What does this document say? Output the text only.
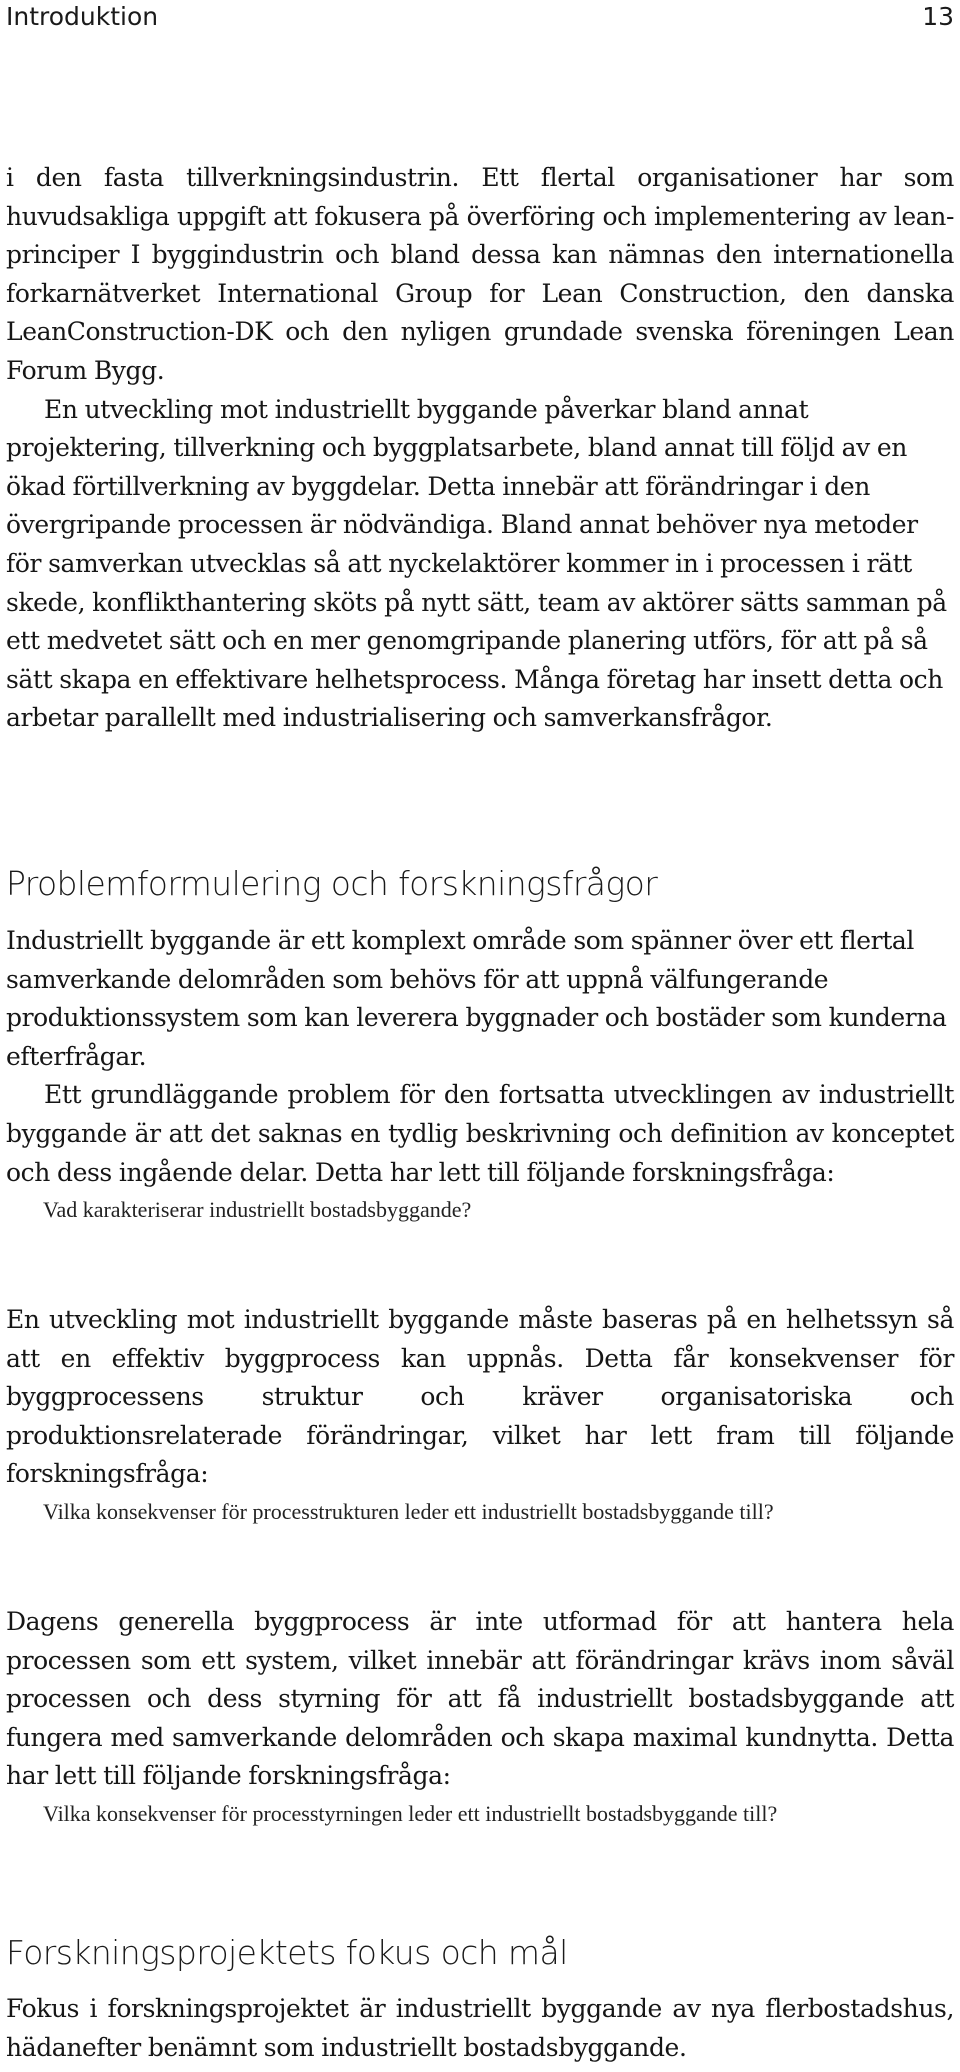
Introduktion	13

i den fasta tillverkningsindustrin. Ett flertal organisationer har som huvudsakliga uppgift att fokusera på överföring och implementering av lean-principer I byggindustrin och bland dessa kan nämnas den internationella forkarnätverket International Group for Lean Construction, den danska LeanConstruction-DK och den nyligen grundade svenska föreningen Lean Forum Bygg.

En utveckling mot industriellt byggande påverkar bland annat projektering, tillverkning och byggplatsarbete, bland annat till följd av en ökad förtillverkning av byggdelar. Detta innebär att förändringar i den övergripande processen är nödvändiga. Bland annat behöver nya metoder för samverkan utvecklas så att nyckelaktörer kommer in i processen i rätt skede, konflikthantering sköts på nytt sätt, team av aktörer sätts samman på ett medvetet sätt och en mer genomgripande planering utförs, för att på så sätt skapa en effektivare helhetsprocess. Många företag har insett detta och arbetar parallellt med industrialisering och samverkansfrågor.

Problemformulering och forskningsfrågor

Industriellt byggande är ett komplext område som spänner över ett flertal samverkande delområden som behövs för att uppnå välfungerande produktionssystem som kan leverera byggnader och bostäder som kunderna efterfrågar.

Ett grundläggande problem för den fortsatta utvecklingen av industriellt byggande är att det saknas en tydlig beskrivning och definition av konceptet och dess ingående delar. Detta har lett till följande forskningsfråga:

Vad karakteriserar industriellt bostadsbyggande?

En utveckling mot industriellt byggande måste baseras på en helhetssyn så att en effektiv byggprocess kan uppnås. Detta får konsekvenser för byggprocessens struktur och kräver organisatoriska och produktionsrelaterade förändringar, vilket har lett fram till följande forskningsfråga:

Vilka konsekvenser för processtrukturen leder ett industriellt bostadsbyggande till?

Dagens generella byggprocess är inte utformad för att hantera hela processen som ett system, vilket innebär att förändringar krävs inom såväl processen och dess styrning för att få industriellt bostadsbyggande att fungera med samverkande delområden och skapa maximal kundnytta. Detta har lett till följande forskningsfråga:

Vilka konsekvenser för processtyrningen leder ett industriellt bostadsbyggande till?

Forskningsprojektets fokus och mål

Fokus i forskningsprojektet är industriellt byggande av nya flerbostadshus, hädanefter benämnt som industriellt bostadsbyggande.
